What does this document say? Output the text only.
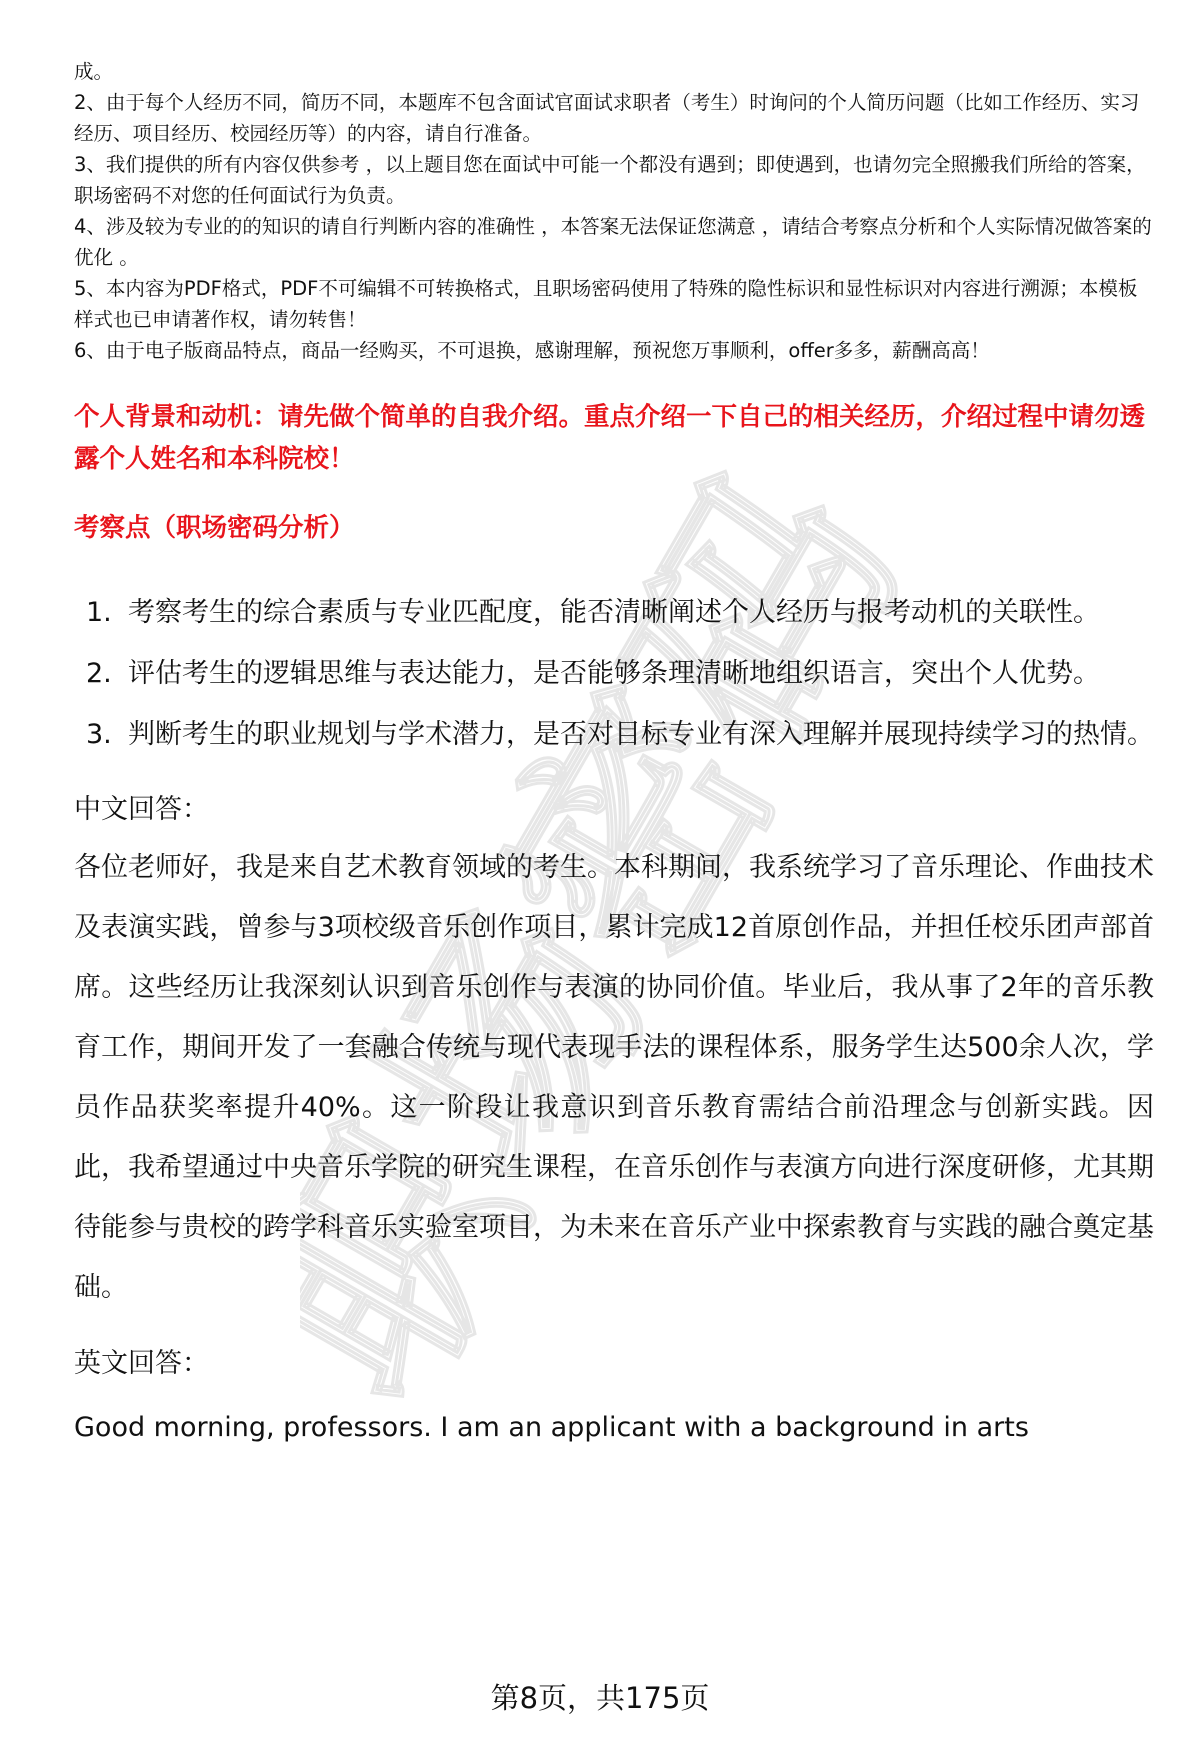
职场密码

成。

2、由于每个人经历不同，简历不同，本题库不包含面试官面试求职者（考生）时询问的个人简历问题（比如工作经历、实习经历、项目经历、校园经历等）的内容，请自行准备。

3、我们提供的所有内容仅供参考 ，以上题目您在面试中可能一个都没有遇到；即使遇到，也请勿完全照搬我们所给的答案，职场密码不对您的任何面试行为负责。

4、涉及较为专业的的知识的请自行判断内容的准确性 ，本答案无法保证您满意 ，请结合考察点分析和个人实际情况做答案的优化 。

5、本内容为PDF格式，PDF不可编辑不可转换格式，且职场密码使用了特殊的隐性标识和显性标识对内容进行溯源；本模板样式也已申请著作权，请勿转售！

6、由于电子版商品特点，商品一经购买，不可退换，感谢理解，预祝您万事顺利，offer多多，薪酬高高！

个人背景和动机：请先做个简单的自我介绍。重点介绍一下自己的相关经历，介绍过程中请勿透露个人姓名和本科院校！
考察点（职场密码分析）
1. 考察考生的综合素质与专业匹配度，能否清晰阐述个人经历与报考动机的关联性。
2. 评估考生的逻辑思维与表达能力，是否能够条理清晰地组织语言，突出个人优势。
3. 判断考生的职业规划与学术潜力，是否对目标专业有深入理解并展现持续学习的热情。
中文回答：
各位老师好，我是来自艺术教育领域的考生。本科期间，我系统学习了音乐理论、作曲技术及表演实践，曾参与3项校级音乐创作项目，累计完成12首原创作品，并担任校乐团声部首席。这些经历让我深刻认识到音乐创作与表演的协同价值。毕业后，我从事了2年的音乐教育工作，期间开发了一套融合传统与现代表现手法的课程体系，服务学生达500余人次，学员作品获奖率提升40%。这一阶段让我意识到音乐教育需结合前沿理念与创新实践。因此，我希望通过中央音乐学院的研究生课程，在音乐创作与表演方向进行深度研修，尤其期待能参与贵校的跨学科音乐实验室项目，为未来在音乐产业中探索教育与实践的融合奠定基础。
英文回答：
Good morning, professors. I am an applicant with a background in arts
第8页，共175页
